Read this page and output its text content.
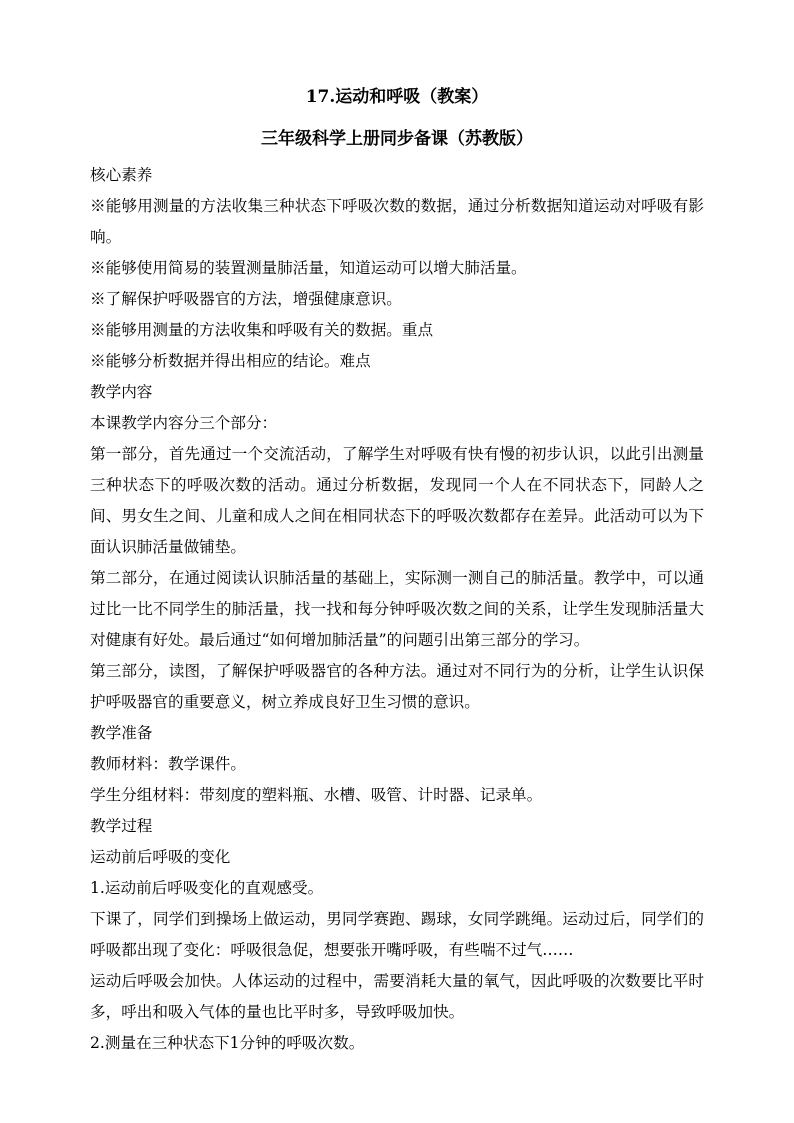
17.运动和呼吸（教案）
三年级科学上册同步备课（苏教版）

核心素养

※能够用测量的方法收集三种状态下呼吸次数的数据，通过分析数据知道运动对呼吸有影响。

※能够使用简易的装置测量肺活量，知道运动可以增大肺活量。

※了解保护呼吸器官的方法，增强健康意识。

※能够用测量的方法收集和呼吸有关的数据。重点

※能够分析数据并得出相应的结论。难点

教学内容

本课教学内容分三个部分：

第一部分，首先通过一个交流活动，了解学生对呼吸有快有慢的初步认识，以此引出测量三种状态下的呼吸次数的活动。通过分析数据，发现同一个人在不同状态下，同龄人之间、男女生之间、儿童和成人之间在相同状态下的呼吸次数都存在差异。此活动可以为下面认识肺活量做铺垫。

第二部分，在通过阅读认识肺活量的基础上，实际测一测自己的肺活量。教学中，可以通过比一比不同学生的肺活量，找一找和每分钟呼吸次数之间的关系，让学生发现肺活量大对健康有好处。最后通过“如何增加肺活量”的问题引出第三部分的学习。

第三部分，读图，了解保护呼吸器官的各种方法。通过对不同行为的分析，让学生认识保护呼吸器官的重要意义，树立养成良好卫生习惯的意识。

教学准备

教师材料：教学课件。

学生分组材料：带刻度的塑料瓶、水槽、吸管、计时器、记录单。

教学过程

运动前后呼吸的变化

1.运动前后呼吸变化的直观感受。

下课了，同学们到操场上做运动，男同学赛跑、踢球，女同学跳绳。运动过后，同学们的呼吸都出现了变化：呼吸很急促，想要张开嘴呼吸，有些喘不过气……

运动后呼吸会加快。人体运动的过程中，需要消耗大量的氧气，因此呼吸的次数要比平时多，呼出和吸入气体的量也比平时多，导致呼吸加快。

2.测量在三种状态下1分钟的呼吸次数。
